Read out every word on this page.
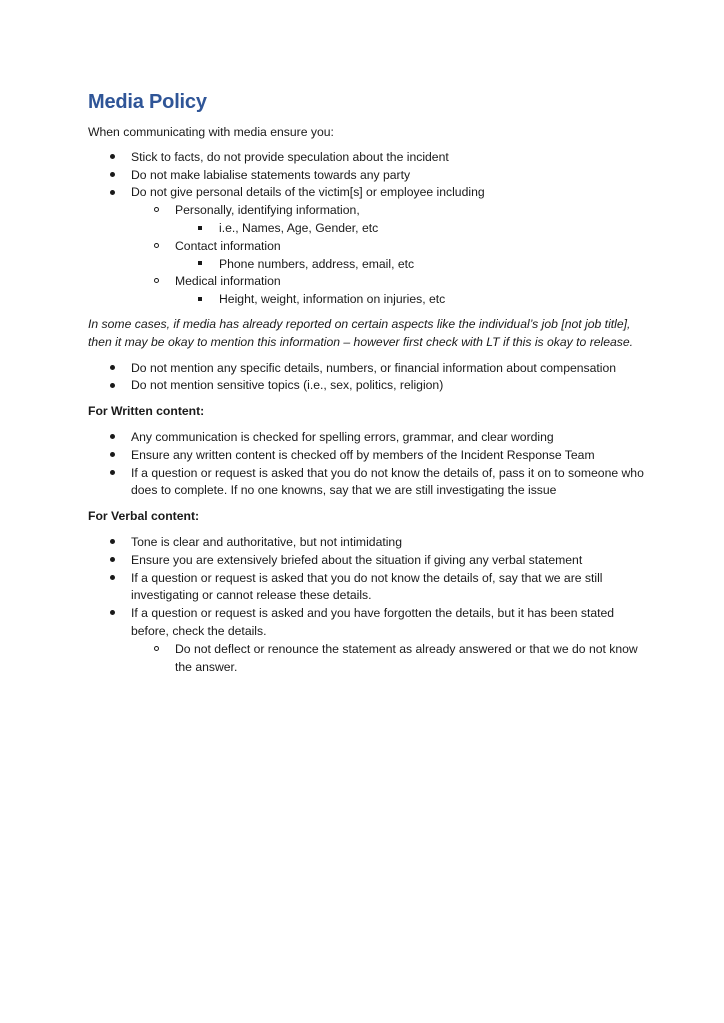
Media Policy

When communicating with media ensure you:

Stick to facts, do not provide speculation about the incident
Do not make labialise statements towards any party
Do not give personal details of the victim[s] or employee including
Personally, identifying information,
i.e., Names, Age, Gender, etc
Contact information
Phone numbers, address, email, etc
Medical information
Height, weight, information on injuries, etc

In some cases, if media has already reported on certain aspects like the individual’s job [not job title], then it may be okay to mention this information – however first check with LT if this is okay to release.

Do not mention any specific details, numbers, or financial information about compensation
Do not mention sensitive topics (i.e., sex, politics, religion)

For Written content:

Any communication is checked for spelling errors, grammar, and clear wording
Ensure any written content is checked off by members of the Incident Response Team
If a question or request is asked that you do not know the details of, pass it on to someone who does to complete. If no one knowns, say that we are still investigating the issue

For Verbal content:

Tone is clear and authoritative, but not intimidating
Ensure you are extensively briefed about the situation if giving any verbal statement
If a question or request is asked that you do not know the details of, say that we are still investigating or cannot release these details.
If a question or request is asked and you have forgotten the details, but it has been stated before, check the details.
Do not deflect or renounce the statement as already answered or that we do not know the answer.
